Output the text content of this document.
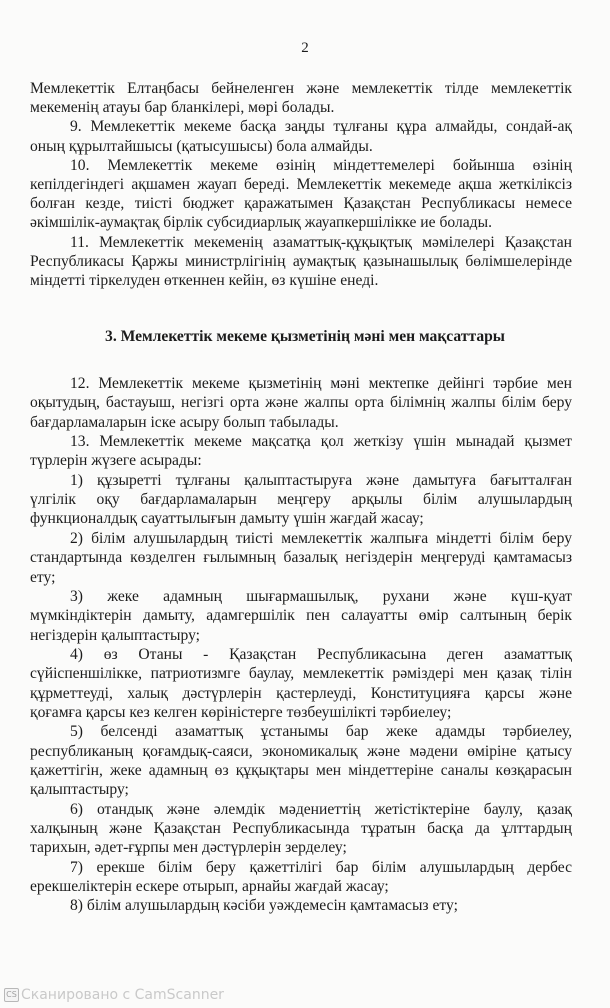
2
Мемлекеттік Елтаңбасы бейнеленген және мемлекеттік тілде мемлекеттік
мекеменің атауы бар бланкілері, мөрі болады.
9. Мемлекеттік мекеме басқа заңды тұлғаны құра алмайды, сондай-ақ
оның құрылтайшысы (қатысушысы) бола алмайды.
10. Мемлекеттік мекеме өзінің міндеттемелері бойынша өзінің
кепілдегіндегі ақшамен жауап береді. Мемлекеттік мекемеде ақша жеткіліксіз
болған кезде, тиісті бюджет қаражатымен Қазақстан Республикасы немесе
әкімшілік-аумақтақ бірлік субсидиарлық жауапкершілікке ие болады.
11. Мемлекеттік мекеменің азаматтық-құқықтық мәмілелері Қазақстан
Республикасы Қаржы министрлігінің аумақтық қазынашылық бөлімшелерінде
міндетті тіркелуден өткеннен кейін, өз күшіне енеді.
3. Мемлекеттік мекеме қызметінің мәні мен мақсаттары
12. Мемлекеттік мекеме қызметінің мәні мектепке дейінгі тәрбие мен
оқытудың, бастауыш, негізгі орта және жалпы орта білімнің жалпы білім беру
бағдарламаларын іске асыру болып табылады.
13. Мемлекеттік мекеме мақсатқа қол жеткізу үшін мынадай қызмет
түрлерін жүзеге асырады:
1) құзыретті тұлғаны қалыптастыруға және дамытуға бағытталған
үлгілік оқу бағдарламаларын меңгеру арқылы білім алушылардың
функционалдық сауаттылығын дамыту үшін жағдай жасау;
2) білім алушылардың тиісті мемлекеттік жалпыға міндетті білім беру
стандартында көзделген ғылымның базалық негіздерін меңгеруді қамтамасыз
ету;
3) жеке адамның шығармашылық, рухани және күш-қуат
мүмкіндіктерін дамыту, адамгершілік пен салауатты өмір салтының берік
негіздерін қалыптастыру;
4) өз Отаны - Қазақстан Республикасына деген азаматтық
сүйіспеншілікке, патриотизмге баулау, мемлекеттік рәміздері мен қазақ тілін
құрметтеуді, халық дәстүрлерін қастерлеуді, Конституцияға қарсы және
қоғамға қарсы кез келген көріністерге төзбеушілікті тәрбиелеу;
5) белсенді азаматтық ұстанымы бар жеке адамды тәрбиелеу,
республиканың қоғамдық-саяси, экономикалық және мәдени өміріне қатысу
қажеттігін, жеке адамның өз құқықтары мен міндеттеріне саналы көзқарасын
қалыптастыру;
6) отандық және әлемдік мәдениеттің жетістіктеріне баулу, қазақ
халқының және Қазақстан Республикасында тұратын басқа да ұлттардың
тарихын, әдет-ғұрпы мен дәстүрлерін зерделеу;
7) ерекше білім беру қажеттілігі бар білім алушылардың дербес
ерекшеліктерін ескере отырып, арнайы жағдай жасау;
8) білім алушылардың кәсіби уәждемесін қамтамасыз ету;
CS Сканировано с CamScanner
